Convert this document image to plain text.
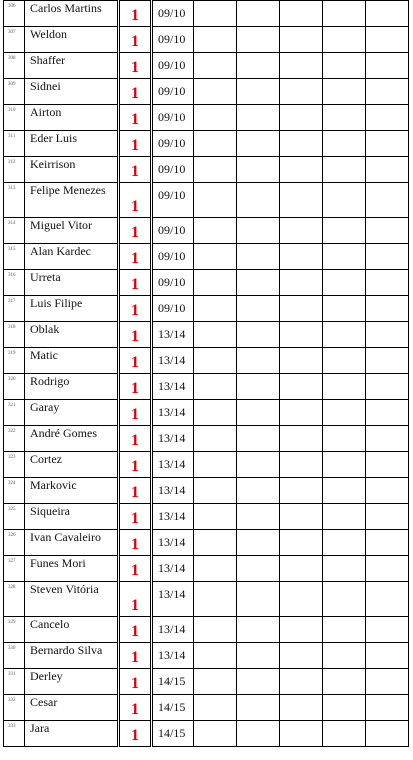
306	Carlos Martins	1	09/10					
307	Weldon	1	09/10					
308	Shaffer	1	09/10					
309	Sidnei	1	09/10					
310	Airton	1	09/10					
311	Eder Luis	1	09/10					
312	Keirrison	1	09/10					
313	Felipe Menezes	1	09/10					
314	Miguel Vitor	1	09/10					
315	Alan Kardec	1	09/10					
316	Urreta	1	09/10					
317	Luis Filipe	1	09/10					
318	Oblak	1	13/14					
319	Matic	1	13/14					
320	Rodrigo	1	13/14					
321	Garay	1	13/14					
322	André Gomes	1	13/14					
323	Cortez	1	13/14					
324	Markovic	1	13/14					
325	Siqueira	1	13/14					
326	Ivan Cavaleiro	1	13/14					
327	Funes Mori	1	13/14					
328	Steven Vitória	1	13/14					
329	Cancelo	1	13/14					
330	Bernardo Silva	1	13/14					
331	Derley	1	14/15					
332	Cesar	1	14/15					
333	Jara	1	14/15					
